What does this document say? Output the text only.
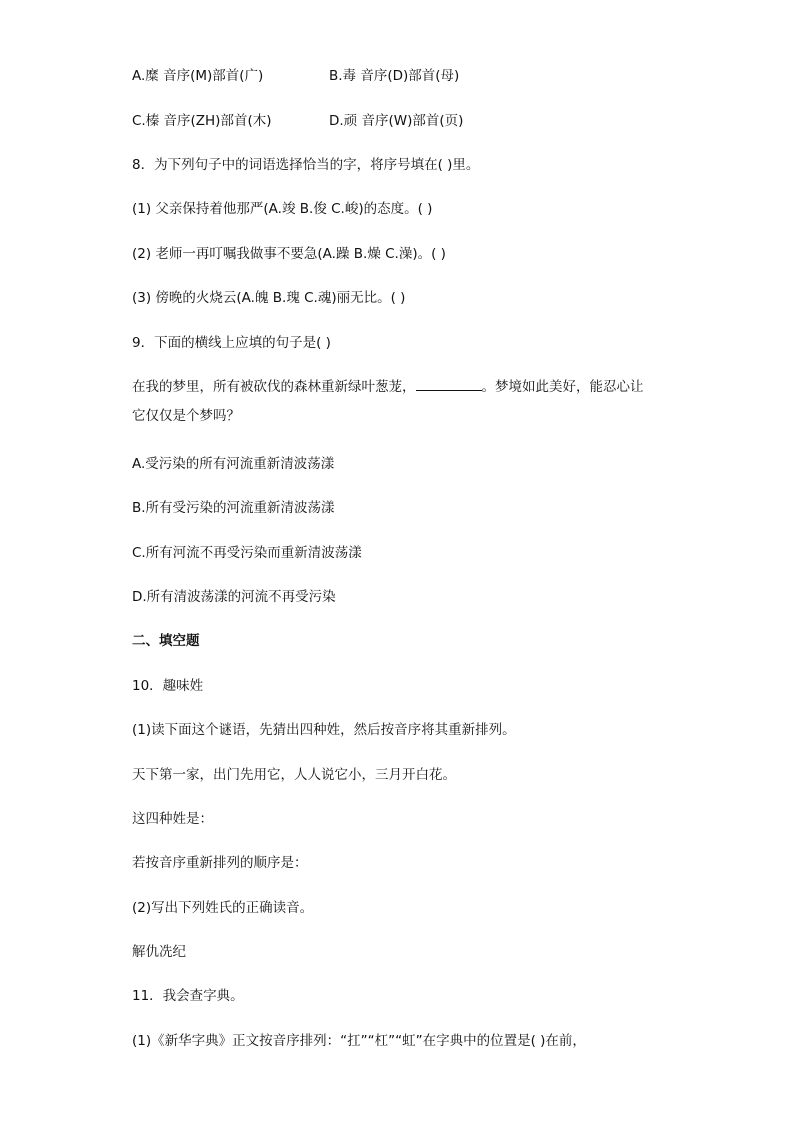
A.糜 音序(M)部首(广)	B.毒 音序(D)部首(母)
C.榛 音序(ZH)部首(木)	D.顽 音序(W)部首(页)
8．为下列句子中的词语选择恰当的字，将序号填在( )里。
(1) 父亲保持着他那严(A.竣 B.俊 C.峻)的态度。( )
(2) 老师一再叮嘱我做事不要急(A.躁 B.燥 C.澡)。( )
(3) 傍晚的火烧云(A.魄 B.瑰 C.魂)丽无比。( )
9．下面的横线上应填的句子是( )
在我的梦里，所有被砍伐的森林重新绿叶葱茏，	。梦境如此美好，能忍心让
它仅仅是个梦吗？
A.受污染的所有河流重新清波荡漾
B.所有受污染的河流重新清波荡漾
C.所有河流不再受污染而重新清波荡漾
D.所有清波荡漾的河流不再受污染
二、填空题
10．趣味姓
(1)读下面这个谜语，先猜出四种姓，然后按音序将其重新排列。
天下第一家，出门先用它，人人说它小，三月开白花。
这四种姓是：
若按音序重新排列的顺序是：
(2)写出下列姓氏的正确读音。
解仇冼纪
11．我会查字典。
(1)《新华字典》正文按音序排列：“扛”“杠”“虹”在字典中的位置是( )在前，
